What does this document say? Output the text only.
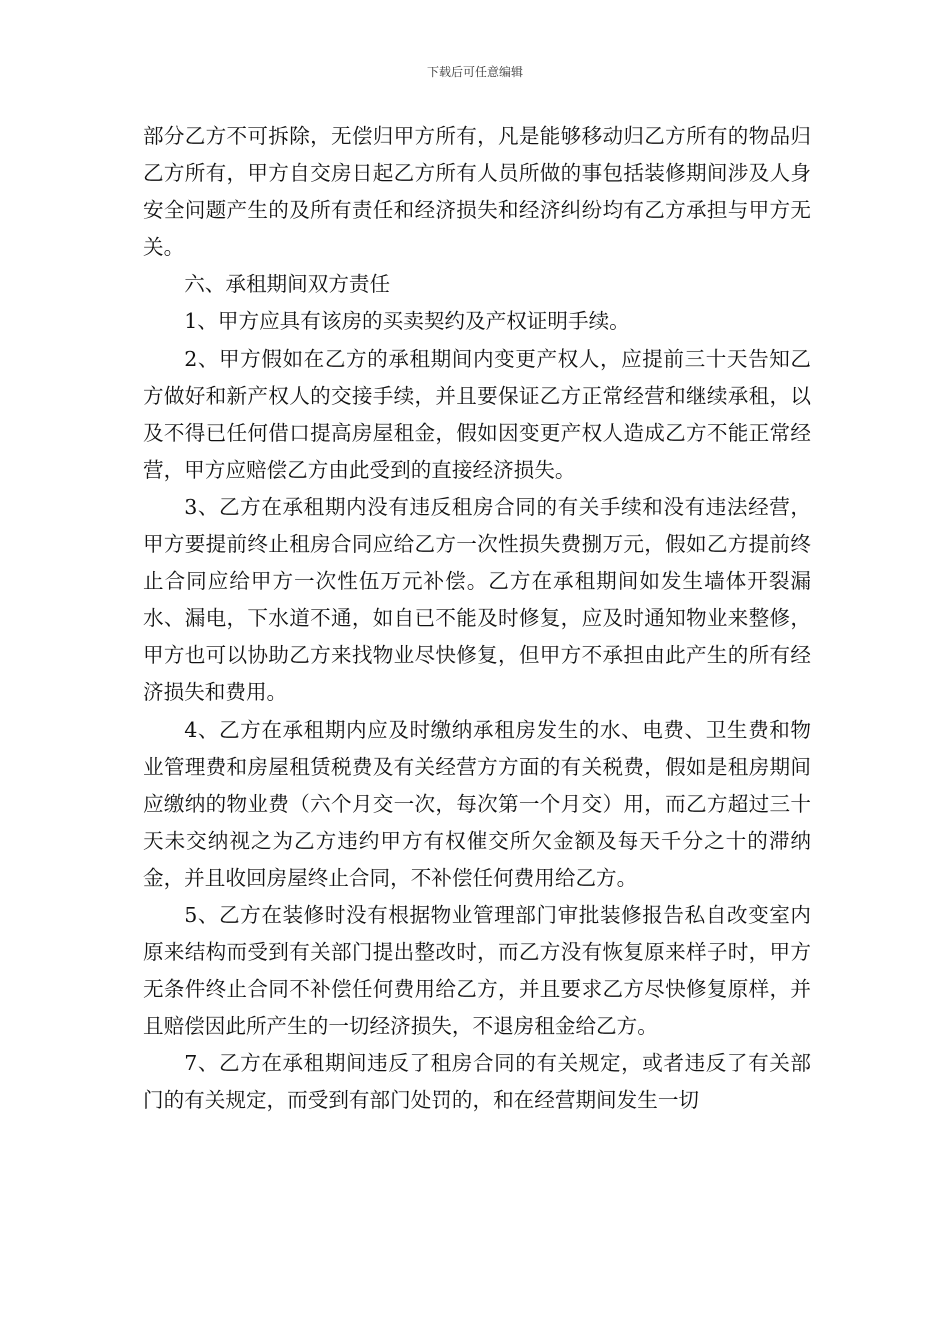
下载后可任意编辑

部分乙方不可拆除，无偿归甲方所有，凡是能够移动归乙方所有的物品归乙方所有，甲方自交房日起乙方所有人员所做的事包括装修期间涉及人身安全问题产生的及所有责任和经济损失和经济纠纷均有乙方承担与甲方无关。

六、承租期间双方责任

1、甲方应具有该房的买卖契约及产权证明手续。

2、甲方假如在乙方的承租期间内变更产权人，应提前三十天告知乙方做好和新产权人的交接手续，并且要保证乙方正常经营和继续承租，以及不得已任何借口提高房屋租金，假如因变更产权人造成乙方不能正常经营，甲方应赔偿乙方由此受到的直接经济损失。

3、乙方在承租期内没有违反租房合同的有关手续和没有违法经营，甲方要提前终止租房合同应给乙方一次性损失费捌万元，假如乙方提前终止合同应给甲方一次性伍万元补偿。乙方在承租期间如发生墙体开裂漏水、漏电，下水道不通，如自已不能及时修复，应及时通知物业来整修，甲方也可以协助乙方来找物业尽快修复，但甲方不承担由此产生的所有经济损失和费用。

4、乙方在承租期内应及时缴纳承租房发生的水、电费、卫生费和物业管理费和房屋租赁税费及有关经营方方面的有关税费，假如是租房期间应缴纳的物业费（六个月交一次，每次第一个月交）用，而乙方超过三十天未交纳视之为乙方违约甲方有权催交所欠金额及每天千分之十的滞纳金，并且收回房屋终止合同，不补偿任何费用给乙方。

5、乙方在装修时没有根据物业管理部门审批装修报告私自改变室内原来结构而受到有关部门提出整改时，而乙方没有恢复原来样子时，甲方无条件终止合同不补偿任何费用给乙方，并且要求乙方尽快修复原样，并且赔偿因此所产生的一切经济损失，不退房租金给乙方。

7、乙方在承租期间违反了租房合同的有关规定，或者违反了有关部门的有关规定，而受到有部门处罚的，和在经营期间发生一切
